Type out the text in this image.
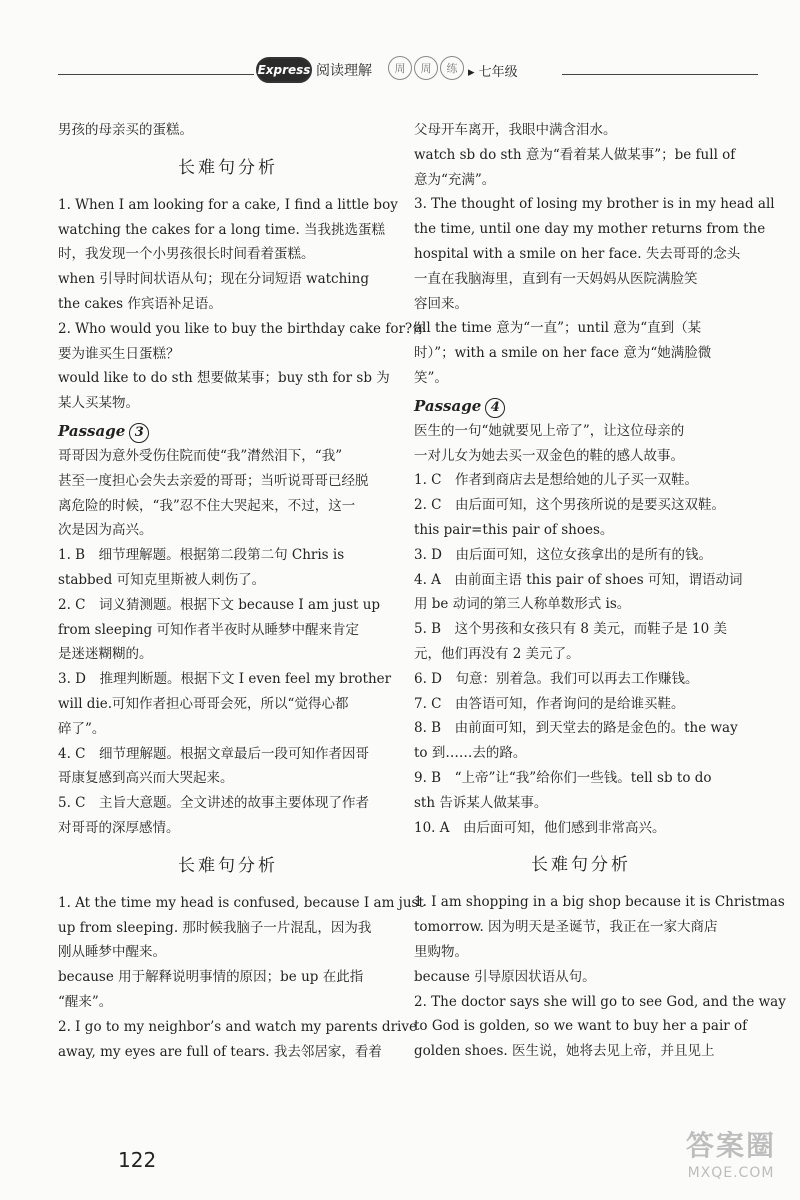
Express 阅读理解	周	周	练 ▸ 七年级
男孩的母亲买的蛋糕。
长难句分析
1. When I am looking for a cake, I find a little boy
watching the cakes for a long time. 当我挑选蛋糕
时，我发现一个小男孩很长时间看着蛋糕。
when 引导时间状语从句；现在分词短语 watching
the cakes 作宾语补足语。
2. Who would you like to buy the birthday cake for?你
要为谁买生日蛋糕？
would like to do sth 想要做某事；buy sth for sb 为
某人买某物。
Passage 3
哥哥因为意外受伤住院而使“我”潸然泪下，“我”
甚至一度担心会失去亲爱的哥哥；当听说哥哥已经脱
离危险的时候，“我”忍不住大哭起来，不过，这一
次是因为高兴。
1. B　细节理解题。根据第二段第二句 Chris is
stabbed 可知克里斯被人刺伤了。
2. C　词义猜测题。根据下文 because I am just up
from sleeping 可知作者半夜时从睡梦中醒来肯定
是迷迷糊糊的。
3. D　推理判断题。根据下文 I even feel my brother
will die.可知作者担心哥哥会死，所以“觉得心都
碎了”。
4. C　细节理解题。根据文章最后一段可知作者因哥
哥康复感到高兴而大哭起来。
5. C　主旨大意题。全文讲述的故事主要体现了作者
对哥哥的深厚感情。
长难句分析
1. At the time my head is confused, because I am just
up from sleeping. 那时候我脑子一片混乱，因为我
刚从睡梦中醒来。
because 用于解释说明事情的原因；be up 在此指
“醒来”。
2. I go to my neighbor’s and watch my parents drive
away, my eyes are full of tears. 我去邻居家，看着
父母开车离开，我眼中满含泪水。
watch sb do sth 意为“看着某人做某事”；be full of
意为“充满”。
3. The thought of losing my brother is in my head all
the time, until one day my mother returns from the
hospital with a smile on her face. 失去哥哥的念头
一直在我脑海里，直到有一天妈妈从医院满脸笑
容回来。
all the time 意为“一直”；until 意为“直到（某
时）”；with a smile on her face 意为“她满脸微
笑”。
Passage 4
医生的一句“她就要见上帝了”，让这位母亲的
一对儿女为她去买一双金色的鞋的感人故事。
1. C　作者到商店去是想给她的儿子买一双鞋。
2. C　由后面可知，这个男孩所说的是要买这双鞋。
this pair=this pair of shoes。
3. D　由后面可知，这位女孩拿出的是所有的钱。
4. A　由前面主语 this pair of shoes 可知，谓语动词
用 be 动词的第三人称单数形式 is。
5. B　这个男孩和女孩只有 8 美元，而鞋子是 10 美
元，他们再没有 2 美元了。
6. D　句意：别着急。我们可以再去工作赚钱。
7. C　由答语可知，作者询问的是给谁买鞋。
8. B　由前面可知，到天堂去的路是金色的。the way
to 到……去的路。
9. B　“上帝”让“我”给你们一些钱。tell sb to do
sth 告诉某人做某事。
10. A　由后面可知，他们感到非常高兴。
长难句分析
1. I am shopping in a big shop because it is Christmas
tomorrow. 因为明天是圣诞节，我正在一家大商店
里购物。
because 引导原因状语从句。
2. The doctor says she will go to see God, and the way
to God is golden, so we want to buy her a pair of
golden shoes. 医生说，她将去见上帝，并且见上
122	答案圈
MXQE.COM
